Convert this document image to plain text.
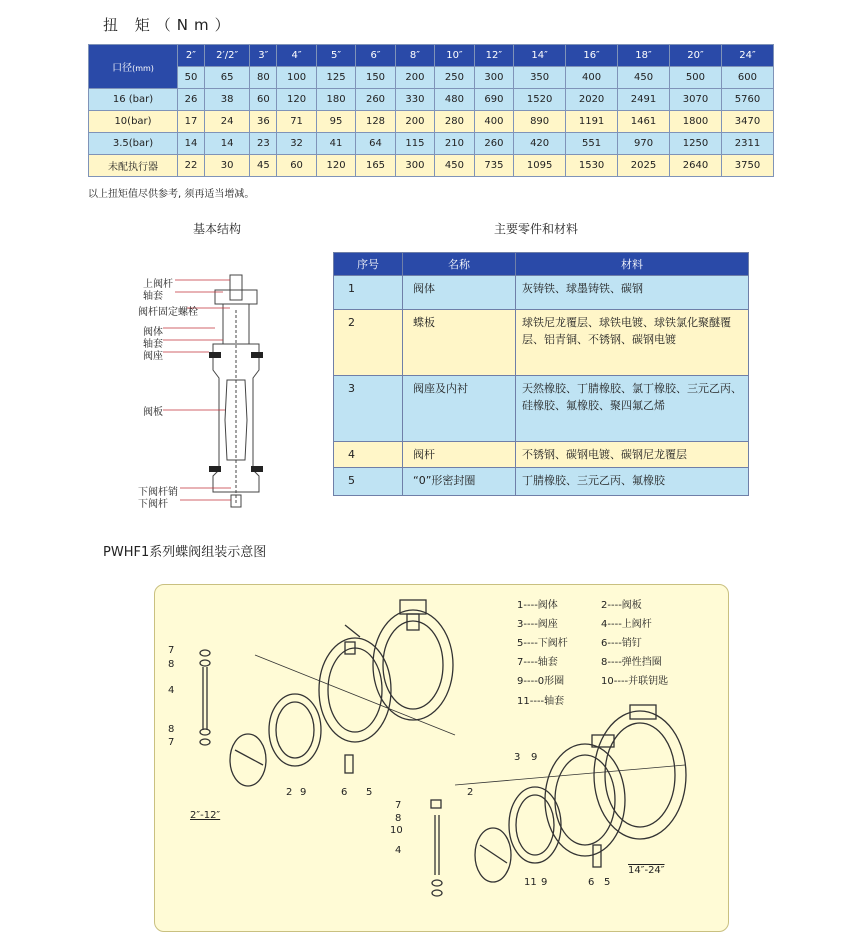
扭 矩（Nm）
口径(mm)	2″	2′/2″	3″	4″	5″	6″	8″	10″	12″	14″	16″	18″	20″	24″
	50	65	80	100	125	150	200	250	300	350	400	450	500	600
16 (bar)	26	38	60	120	180	260	330	480	690	1520	2020	2491	3070	5760
10(bar)	17	24	36	71	95	128	200	280	400	890	1191	1461	1800	3470
3.5(bar)	14	14	23	32	41	64	115	210	260	420	551	970	1250	2311
未配执行器	22	30	45	60	120	165	300	450	735	1095	1530	2025	2640	3750
以上扭矩值尽供参考, 须再适当增减。
基本结构
上阀杆
轴套
阀杆固定螺栓
阀体
轴套
阀座
阀板
下阀杆销
下阀杆
主要零件和材料
序号	名称	材料
1	阀体	灰铸铁、球墨铸铁、碳钢
2	蝶板	球铁尼龙覆层、球铁电镀、球铁氯化聚醚覆层、铝青铜、不锈钢、碳钢电镀
3	阀座及内衬	天然橡胶、丁腈橡胶、氯丁橡胶、三元乙丙、硅橡胶、氟橡胶、聚四氟乙烯
4	阀杆	不锈钢、碳钢电镀、碳钢尼龙覆层
5	“0”形密封圈	丁腈橡胶、三元乙丙、氟橡胶
PWHF1系列蝶阀组装示意图
1----阀体	2----阀板
3----阀座	4----上阀杆
5----下阀杆	6----销钉
7----轴套	8----弹性挡圈
9----0形圈	10----并联钥匙
11----轴套
7
8
4
8
7
2 9	6 5
2″-12″
3 9
2
7
8
10
4
11 9	6 5
14″-24″
